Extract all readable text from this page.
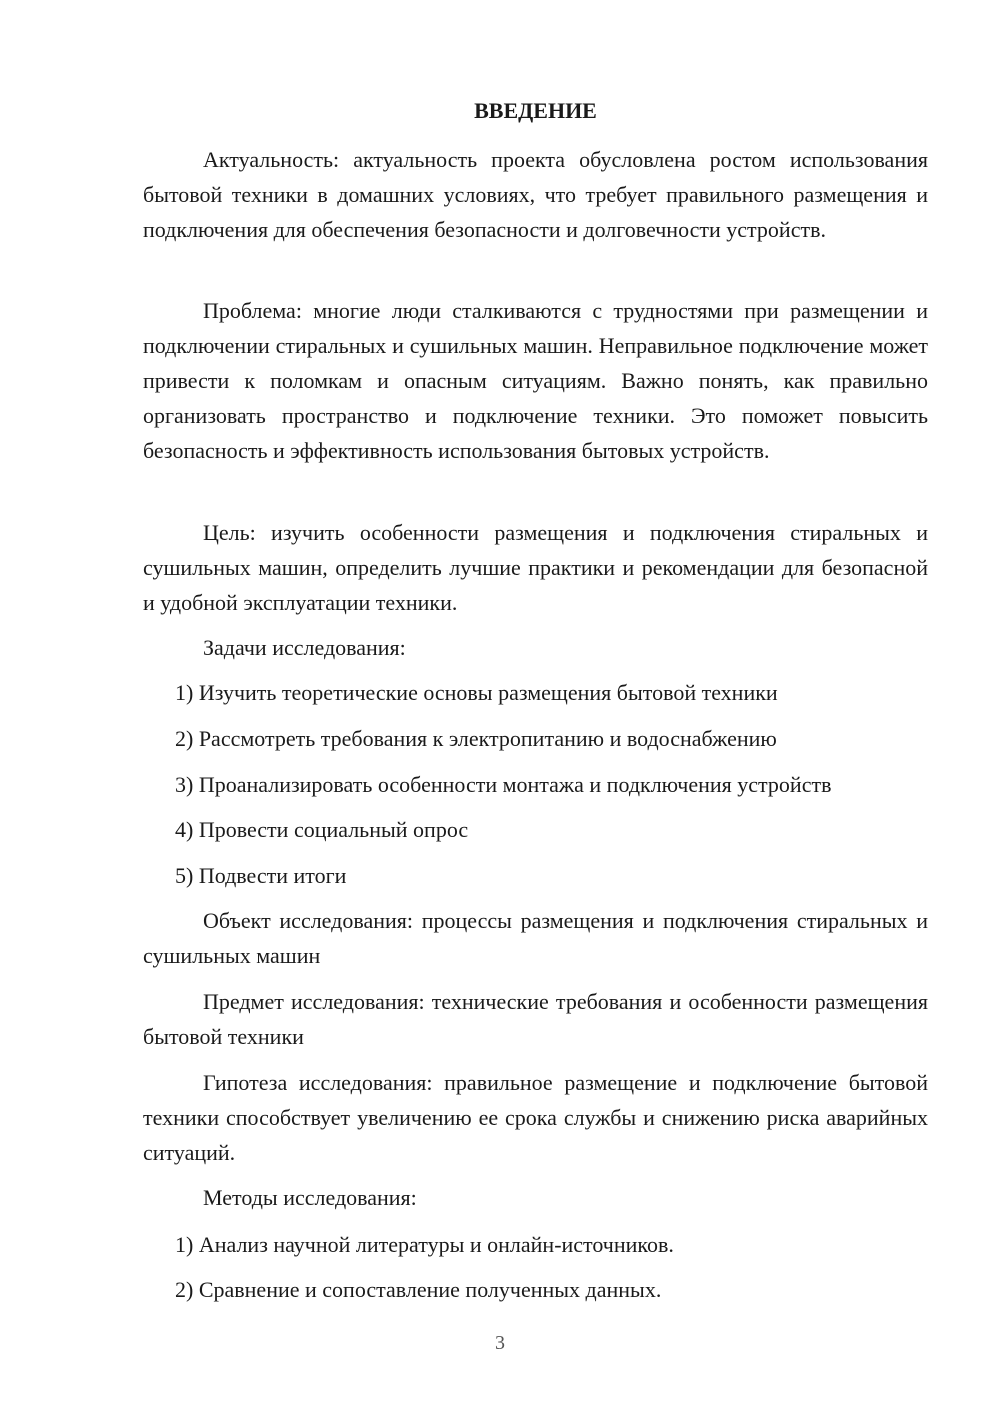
ВВЕДЕНИЕ

Актуальность: актуальность проекта обусловлена ростом использования бытовой техники в домашних условиях, что требует правильного размещения и подключения для обеспечения безопасности и долговечности устройств.

Проблема: многие люди сталкиваются с трудностями при размещении и подключении стиральных и сушильных машин. Неправильное подключение может привести к поломкам и опасным ситуациям. Важно понять, как правильно организовать пространство и подключение техники. Это поможет повысить безопасность и эффективность использования бытовых устройств.

Цель: изучить особенности размещения и подключения стиральных и сушильных машин, определить лучшие практики и рекомендации для безопасной и удобной эксплуатации техники.

Задачи исследования:

1) Изучить теоретические основы размещения бытовой техники
2) Рассмотреть требования к электропитанию и водоснабжению
3) Проанализировать особенности монтажа и подключения устройств
4) Провести социальный опрос
5) Подвести итоги

Объект исследования: процессы размещения и подключения стиральных и сушильных машин

Предмет исследования: технические требования и особенности размещения бытовой техники

Гипотеза исследования: правильное размещение и подключение бытовой техники способствует увеличению ее срока службы и снижению риска аварийных ситуаций.

Методы исследования:

1) Анализ научной литературы и онлайн-источников.
2) Сравнение и сопоставление полученных данных.
3
